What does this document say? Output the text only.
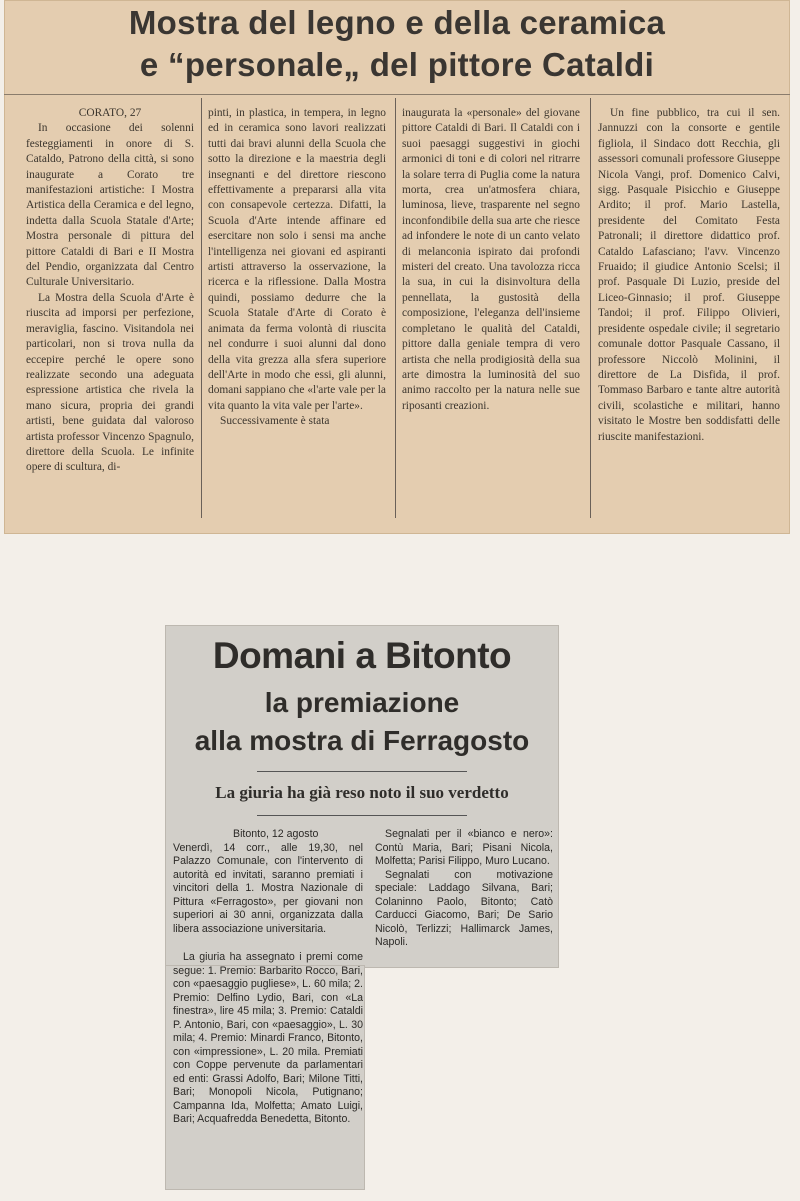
Mostra del legno e della ceramica
e “personale„ del pittore Cataldi

CORATO, 27

In occasione dei solenni festeggiamenti in onore di S. Cataldo, Patrono della città, si sono inaugurate a Corato tre manifestazioni artistiche: I Mostra Artistica della Ceramica e del legno, indetta dalla Scuola Statale d'Arte; Mostra personale di pittura del pittore Cataldi di Bari e II Mostra del Pendio, organizzata dal Centro Culturale Universitario.

La Mostra della Scuola d'Arte è riuscita ad imporsi per perfezione, meraviglia, fascino. Visitandola nei particolari, non si trova nulla da eccepire perché le opere sono realizzate secondo una adeguata espressione artistica che rivela la mano sicura, propria dei grandi artisti, bene guidata dal valoroso artista professor Vincenzo Spagnulo, direttore della Scuola. Le infinite opere di scultura, di-

pinti, in plastica, in tempera, in legno ed in ceramica sono lavori realizzati tutti dai bravi alunni della Scuola che sotto la direzione e la maestria degli insegnanti e del direttore riescono effettivamente a prepararsi alla vita con consapevole certezza. Difatti, la Scuola d'Arte intende affinare ed esercitare non solo i sensi ma anche l'intelligenza nei giovani ed aspiranti artisti attraverso la osservazione, la ricerca e la riflessione. Dalla Mostra quindi, possiamo dedurre che la Scuola Statale d'Arte di Corato è animata da ferma volontà di riuscita nel condurre i suoi alunni dal dono della vita grezza alla sfera superiore dell'Arte in modo che essi, gli alunni, domani sappiano che «l'arte vale per la vita quanto la vita vale per l'arte».

Successivamente è stata

inaugurata la «personale» del giovane pittore Cataldi di Bari. Il Cataldi con i suoi paesaggi suggestivi in giochi armonici di toni e di colori nel ritrarre la solare terra di Puglia come la natura morta, crea un'atmosfera chiara, luminosa, lieve, trasparente nel segno inconfondibile della sua arte che riesce ad infondere le note di un canto velato di melanconia ispirato dai profondi misteri del creato. Una tavolozza ricca la sua, in cui la disinvoltura della pennellata, la gustosità della composizione, l'eleganza dell'insieme completano le qualità del Cataldi, pittore dalla geniale tempra di vero artista che nella prodigiosità della sua arte dimostra la luminosità del suo animo raccolto per la natura nelle sue riposanti creazioni.

Un fine pubblico, tra cui il sen. Jannuzzi con la consorte e gentile figliola, il Sindaco dott Recchia, gli assessori comunali professore Giuseppe Nicola Vangi, prof. Domenico Calvi, sigg. Pasquale Pisicchio e Giuseppe Ardito; il prof. Mario Lastella, presidente del Comitato Festa Patronali; il direttore didattico prof. Cataldo Lafasciano; l'avv. Vincenzo Fruaido; il giudice Antonio Scelsi; il prof. Pasquale Di Luzio, preside del Liceo-Ginnasio; il prof. Giuseppe Tandoi; il prof. Filippo Olivieri, presidente ospedale civile; il segretario comunale dottor Pasquale Cassano, il professore Niccolò Molinini, il direttore de La Disfida, il prof. Tommaso Barbaro e tante altre autorità civili, scolastiche e militari, hanno visitato le Mostre ben soddisfatti delle riuscite manifestazioni.

Domani a Bitonto
la premiazione
alla mostra di Ferragosto
La giuria ha già reso noto il suo verdetto

Bitonto, 12 agosto

Venerdì, 14 corr., alle 19,30, nel Palazzo Comunale, con l'intervento di autorità ed invitati, saranno premiati i vincitori della 1. Mostra Nazionale di Pittura «Ferragosto», per giovani non superiori ai 30 anni, organizzata dalla libera associazione universitaria.

Segnalati per il «bianco e nero»: Contù Maria, Bari; Pisani Nicola, Molfetta; Parisi Filippo, Muro Lucano.

Segnalati con motivazione speciale: Laddago Silvana, Bari; Colaninno Paolo, Bitonto; Catò Carducci Giacomo, Bari; De Sario Nicolò, Terlizzi; Hallimarck James, Napoli.

La giuria ha assegnato i premi come segue: 1. Premio: Barbarito Rocco, Bari, con «paesaggio pugliese», L. 60 mila; 2. Premio: Delfino Lydio, Bari, con «La finestra», lire 45 mila; 3. Premio: Cataldi P. Antonio, Bari, con «paesaggio», L. 30 mila; 4. Premio: Minardi Franco, Bitonto, con «impressione», L. 20 mila. Premiati con Coppe pervenute da parlamentari ed enti: Grassi Adolfo, Bari; Milone Titti, Bari; Monopoli Nicola, Putignano; Campanna Ida, Molfetta; Amato Luigi, Bari; Acquafredda Benedetta, Bitonto.
